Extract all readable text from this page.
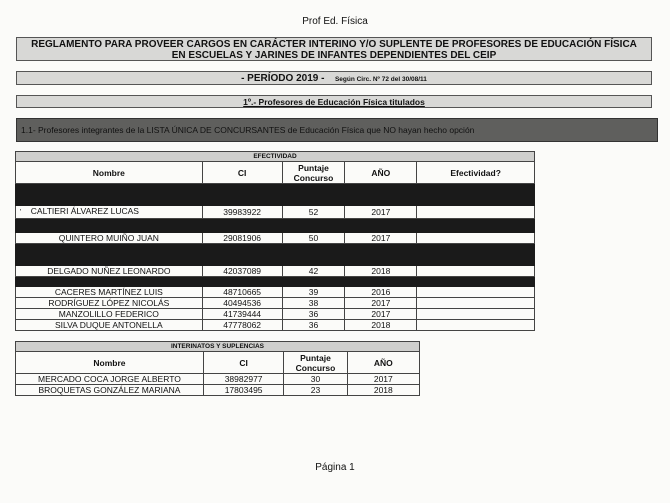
Prof Ed. Física
REGLAMENTO PARA PROVEER CARGOS EN CARÁCTER INTERINO Y/O SUPLENTE DE PROFESORES DE EDUCACIÓN FÍSICA
EN ESCUELAS Y JARINES DE INFANTES DEPENDIENTES DEL CEIP
- PERÍODO 2019 - Según Circ. Nº 72 del 30/08/11
1º.- Profesores de Educación Física titulados
1.1- Profesores integrantes de la LISTA ÚNICA DE CONCURSANTES de Educación Física que NO hayan hecho opción
EFECTIVIDAD				
Nombre	CI	Puntaje Concurso	AÑO	Efectividad?

' CALTIERI ÁLVAREZ LUCAS	39983922	52	2017	

QUINTERO MUIÑO JUAN	29081906	50	2017	

DELGADO NUÑEZ LEONARDO	42037089	42	2018	

CACERES MARTÍNEZ LUIS	48710665	39	2016	
RODRÍGUEZ LÓPEZ NICOLÁS	40494536	38	2017	
MANZOLILLO FEDERICO	41739444	36	2017	
SILVA DUQUE ANTONELLA	47778062	36	2018	
INTERINATOS Y SUPLENCIAS			
Nombre	CI	Puntaje Concurso	AÑO
MERCADO COCA JORGE ALBERTO	38982977	30	2017
BROQUETAS GONZÁLEZ MARIANA	17803495	23	2018
Página 1
